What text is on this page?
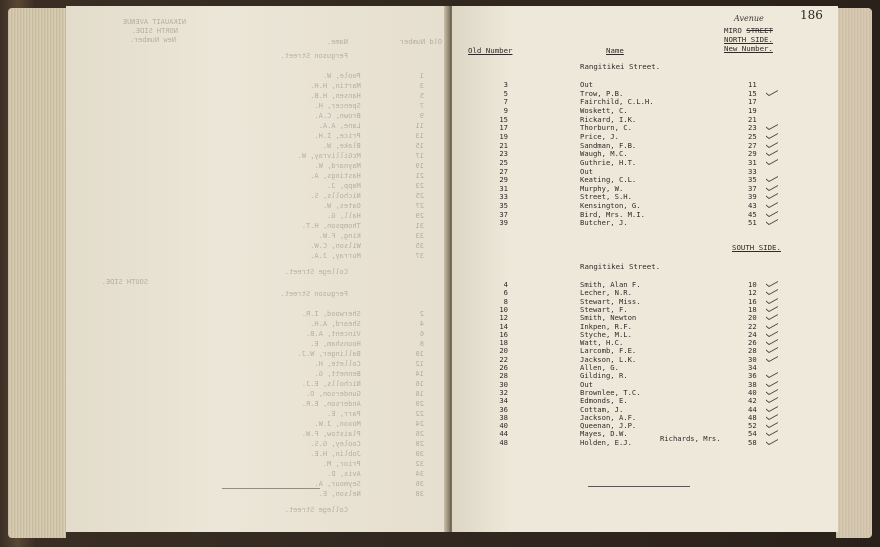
NIKAUAIT AVENUE
NORTH SIDE.
New Number.	Old Number
Name.
Ferguson Street.
1              Poole, W.
3              Martin, H.H.
5              Hansen, H.B.
7              Spencer, H.
9              Brown, C.A.
11             Lane, A.A.
13             Price, I.H.
15             Blake, W.
17             McGillivray, W.
19             Maynard, W.
21             Hastings, A.
23             Mapp, J.
25             Nicholls, S.
27             Oates, W.
29             Hall, G.
31             Thompson, H.T.
33             King, F.W.
35             Wilson, C.W.
37             Murray, J.A.
College Street.
SOUTH SIDE.
Ferguson Street.
2              Sherwood, I.R.
4              Sheard, A.H.
6              Vincent, A.B.
8              Hounsham, E.
10             Ballinger, W.J.
12             Collete, H.
14             Bennett, G.
16             Nicholls, E.J.
18             Gunderson, O.
20             Anderson, E.R.
22             Parr, E.
24             Moxon, J.W.
26             Plaistow, F.W.
28             Cooley, G.S.
30             Joblin, H.E.
32             Prior, M.
34             Avis, D.
36             Seymour, A.
38             Nelson, E.
College Street.
Avenue	186
MIRO STREET
NORTH SIDE.
New Number.
Old Number	Name
Rangitikei Street.
3	Out	11
5	Trow, P.B.	15
7	Fairchild, C.L.H.	17
9	Woskett, C.	19
15	Rickard, I.K.	21
17	Thorburn, C.	23
19	Price, J.	25
21	Sandman, F.B.	27
23	Waugh, M.C.	29
25	Guthrie, H.T.	31
27	Out	33
29	Keating, C.L.	35
31	Murphy, W.	37
33	Street, S.H.	39
35	Kensington, G.	43
37	Bird, Mrs. M.I.	45
39	Butcher, J.	51
SOUTH SIDE.
Rangitikei Street.
4	Smith, Alan F.	10
6	Lecher, N.R.	12
8	Stewart, Miss.	16
10	Stewart, F.	18
12	Smith, Newton	20
14	Inkpen, R.F.	22
16	Styche, M.L.	24
18	Watt, H.C.	26
20	Larcomb, F.E.	28
22	Jackson, L.K.	30
26	Allen, G.	34
28	Gilding, R.	36
30	Out	38
32	Brownlee, T.C.	40
34	Edmonds, E.	42
36	Cottam, J.	44
38	Jackson, A.F.	48
40	Queenan, J.P.	52
44	Mayes, D.W.	54
48	Holden, E.J.	58
Richards, Mrs.
